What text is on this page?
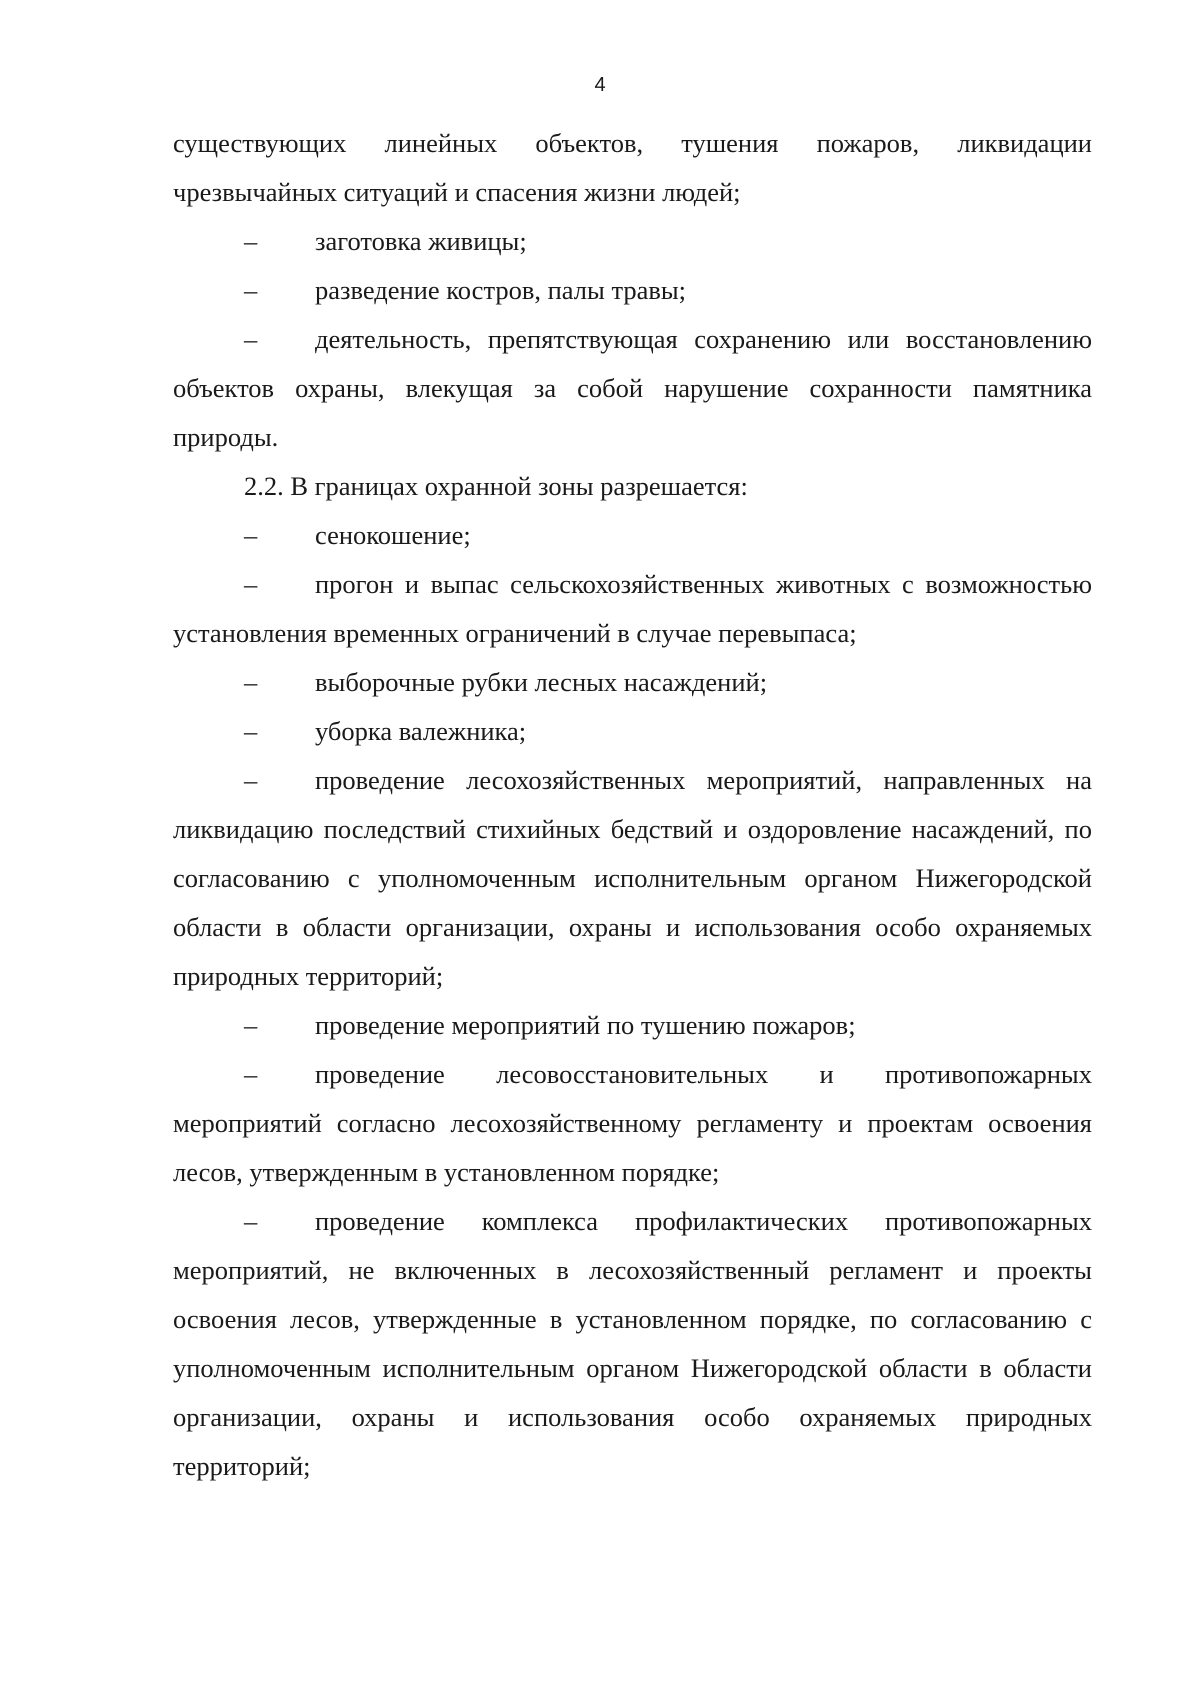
4

существующих линейных объектов, тушения пожаров, ликвидации чрезвычайных ситуаций и спасения жизни людей;

– заготовка живицы;

– разведение костров, палы травы;

– деятельность, препятствующая сохранению или восстановлению объектов охраны, влекущая за собой нарушение сохранности памятника природы.

2.2. В границах охранной зоны разрешается:

– сенокошение;

– прогон и выпас сельскохозяйственных животных с возможностью установления временных ограничений в случае перевыпаса;

– выборочные рубки лесных насаждений;

– уборка валежника;

– проведение лесохозяйственных мероприятий, направленных на ликвидацию последствий стихийных бедствий и оздоровление насаждений, по согласованию с уполномоченным исполнительным органом Нижегородской области в области организации, охраны и использования особо охраняемых природных территорий;

– проведение мероприятий по тушению пожаров;

– проведение лесовосстановительных и противопожарных мероприятий согласно лесохозяйственному регламенту и проектам освоения лесов, утвержденным в установленном порядке;

– проведение комплекса профилактических противопожарных мероприятий, не включенных в лесохозяйственный регламент и проекты освоения лесов, утвержденные в установленном порядке, по согласованию с уполномоченным исполнительным органом Нижегородской области в области организации, охраны и использования особо охраняемых природных территорий;
